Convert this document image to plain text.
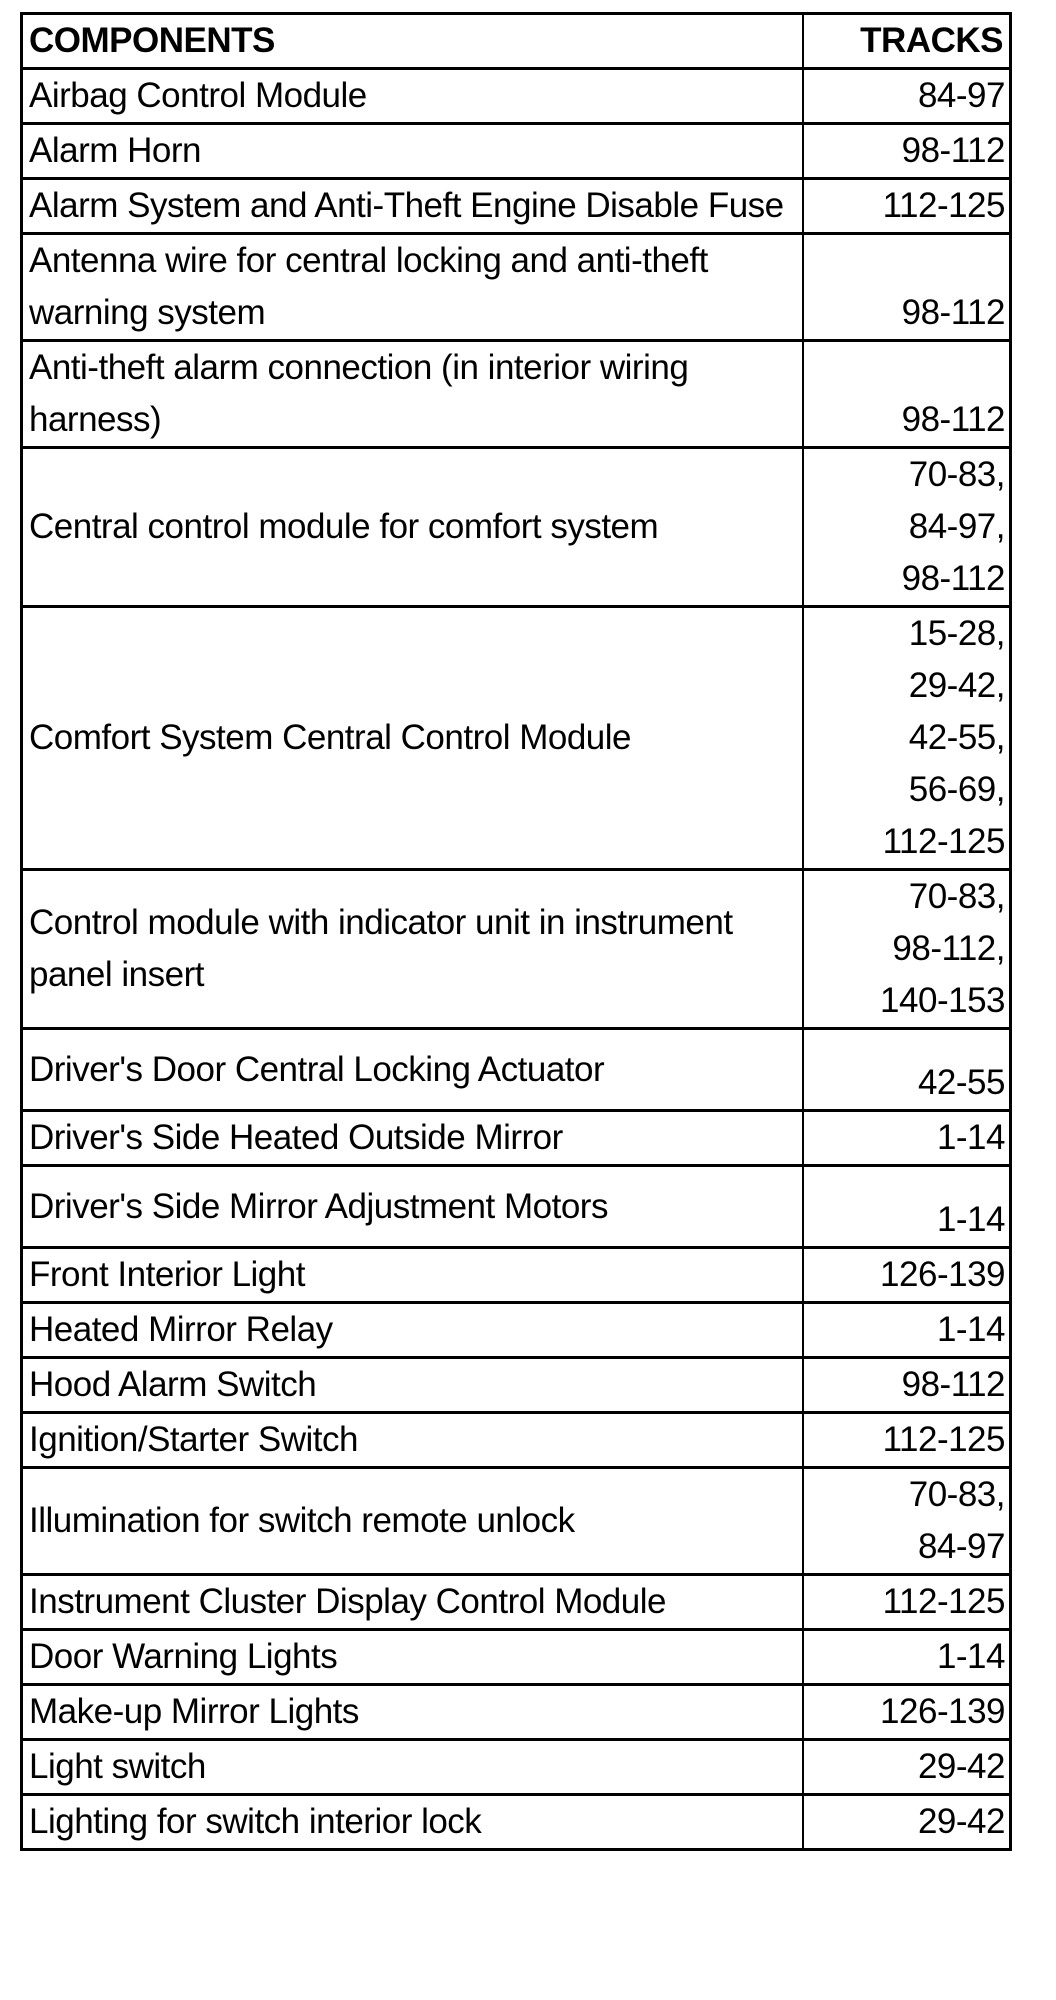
COMPONENTS	TRACKS
Airbag Control Module	84-97

Alarm Horn	98-112

Alarm System and Anti-Theft Engine Disable Fuse	112-125

Antenna wire for central locking and anti-theft warning system	98-112

Anti-theft alarm connection (in interior wiring harness)	98-112

Central control module for comfort system	70-83,
84-97,
98-112

Comfort System Central Control Module	15-28,
29-42,
42-55,
56-69,
112-125

Control module with indicator unit in instrument panel insert	70-83,
98-112,
140-153

Driver's Door Central Locking Actuator	42-55

Driver's Side Heated Outside Mirror	1-14

Driver's Side Mirror Adjustment Motors	1-14

Front Interior Light	126-139

Heated Mirror Relay	1-14

Hood Alarm Switch	98-112

Ignition/Starter Switch	112-125

Illumination for switch remote unlock	70-83,
84-97

Instrument Cluster Display Control Module	112-125

Door Warning Lights	1-14

Make-up Mirror Lights	126-139

Light switch	29-42

Lighting for switch interior lock	29-42
